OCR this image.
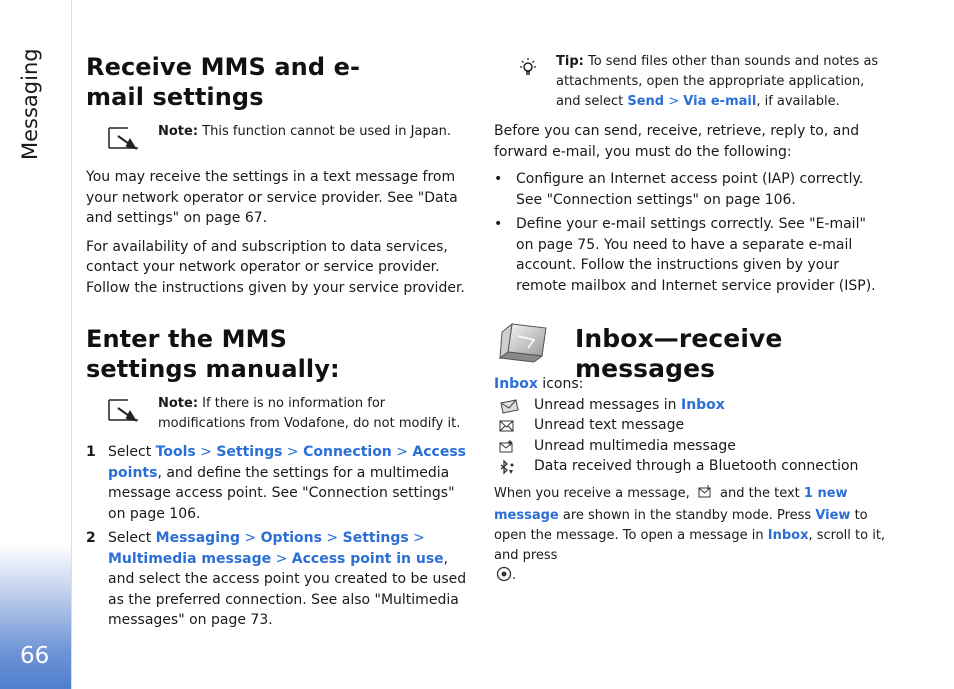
66
Receive MMS and e-mail settings
Note: This function cannot be used in Japan.

You may receive the settings in a text message from your network operator or service provider. See "Data and settings" on page 67.

For availability of and subscription to data services, contact your network operator or service provider. Follow the instructions given by your service provider.

Enter the MMS settings manually:
Note: If there is no information for modifications from Vodafone, do not modify it.
1 Select Tools > Settings > Connection > Access points, and define the settings for a multimedia message access point. See "Connection settings" on page 106.
2 Select Messaging > Options > Settings > Multimedia message > Access point in use, and select the access point you created to be used as the preferred connection. See also "Multimedia messages" on page 73.
Tip: To send files other than sounds and notes as attachments, open the appropriate application, and select Send > Via e-mail, if available.

Before you can send, receive, retrieve, reply to, and forward e-mail, you must do the following:

• Configure an Internet access point (IAP) correctly. See "Connection settings" on page 106.
• Define your e-mail settings correctly. See "E-mail" on page 75. You need to have a separate e-mail account. Follow the instructions given by your remote mailbox and Internet service provider (ISP).
Inbox—receive messages

Inbox icons:

Unread messages in Inbox
Unread text message
Unread multimedia message
Data received through a Bluetooth connection

When you receive a message,  and the text 1 new message are shown in the standby mode. Press View to open the message. To open a message in Inbox, scroll to it, and press
.
